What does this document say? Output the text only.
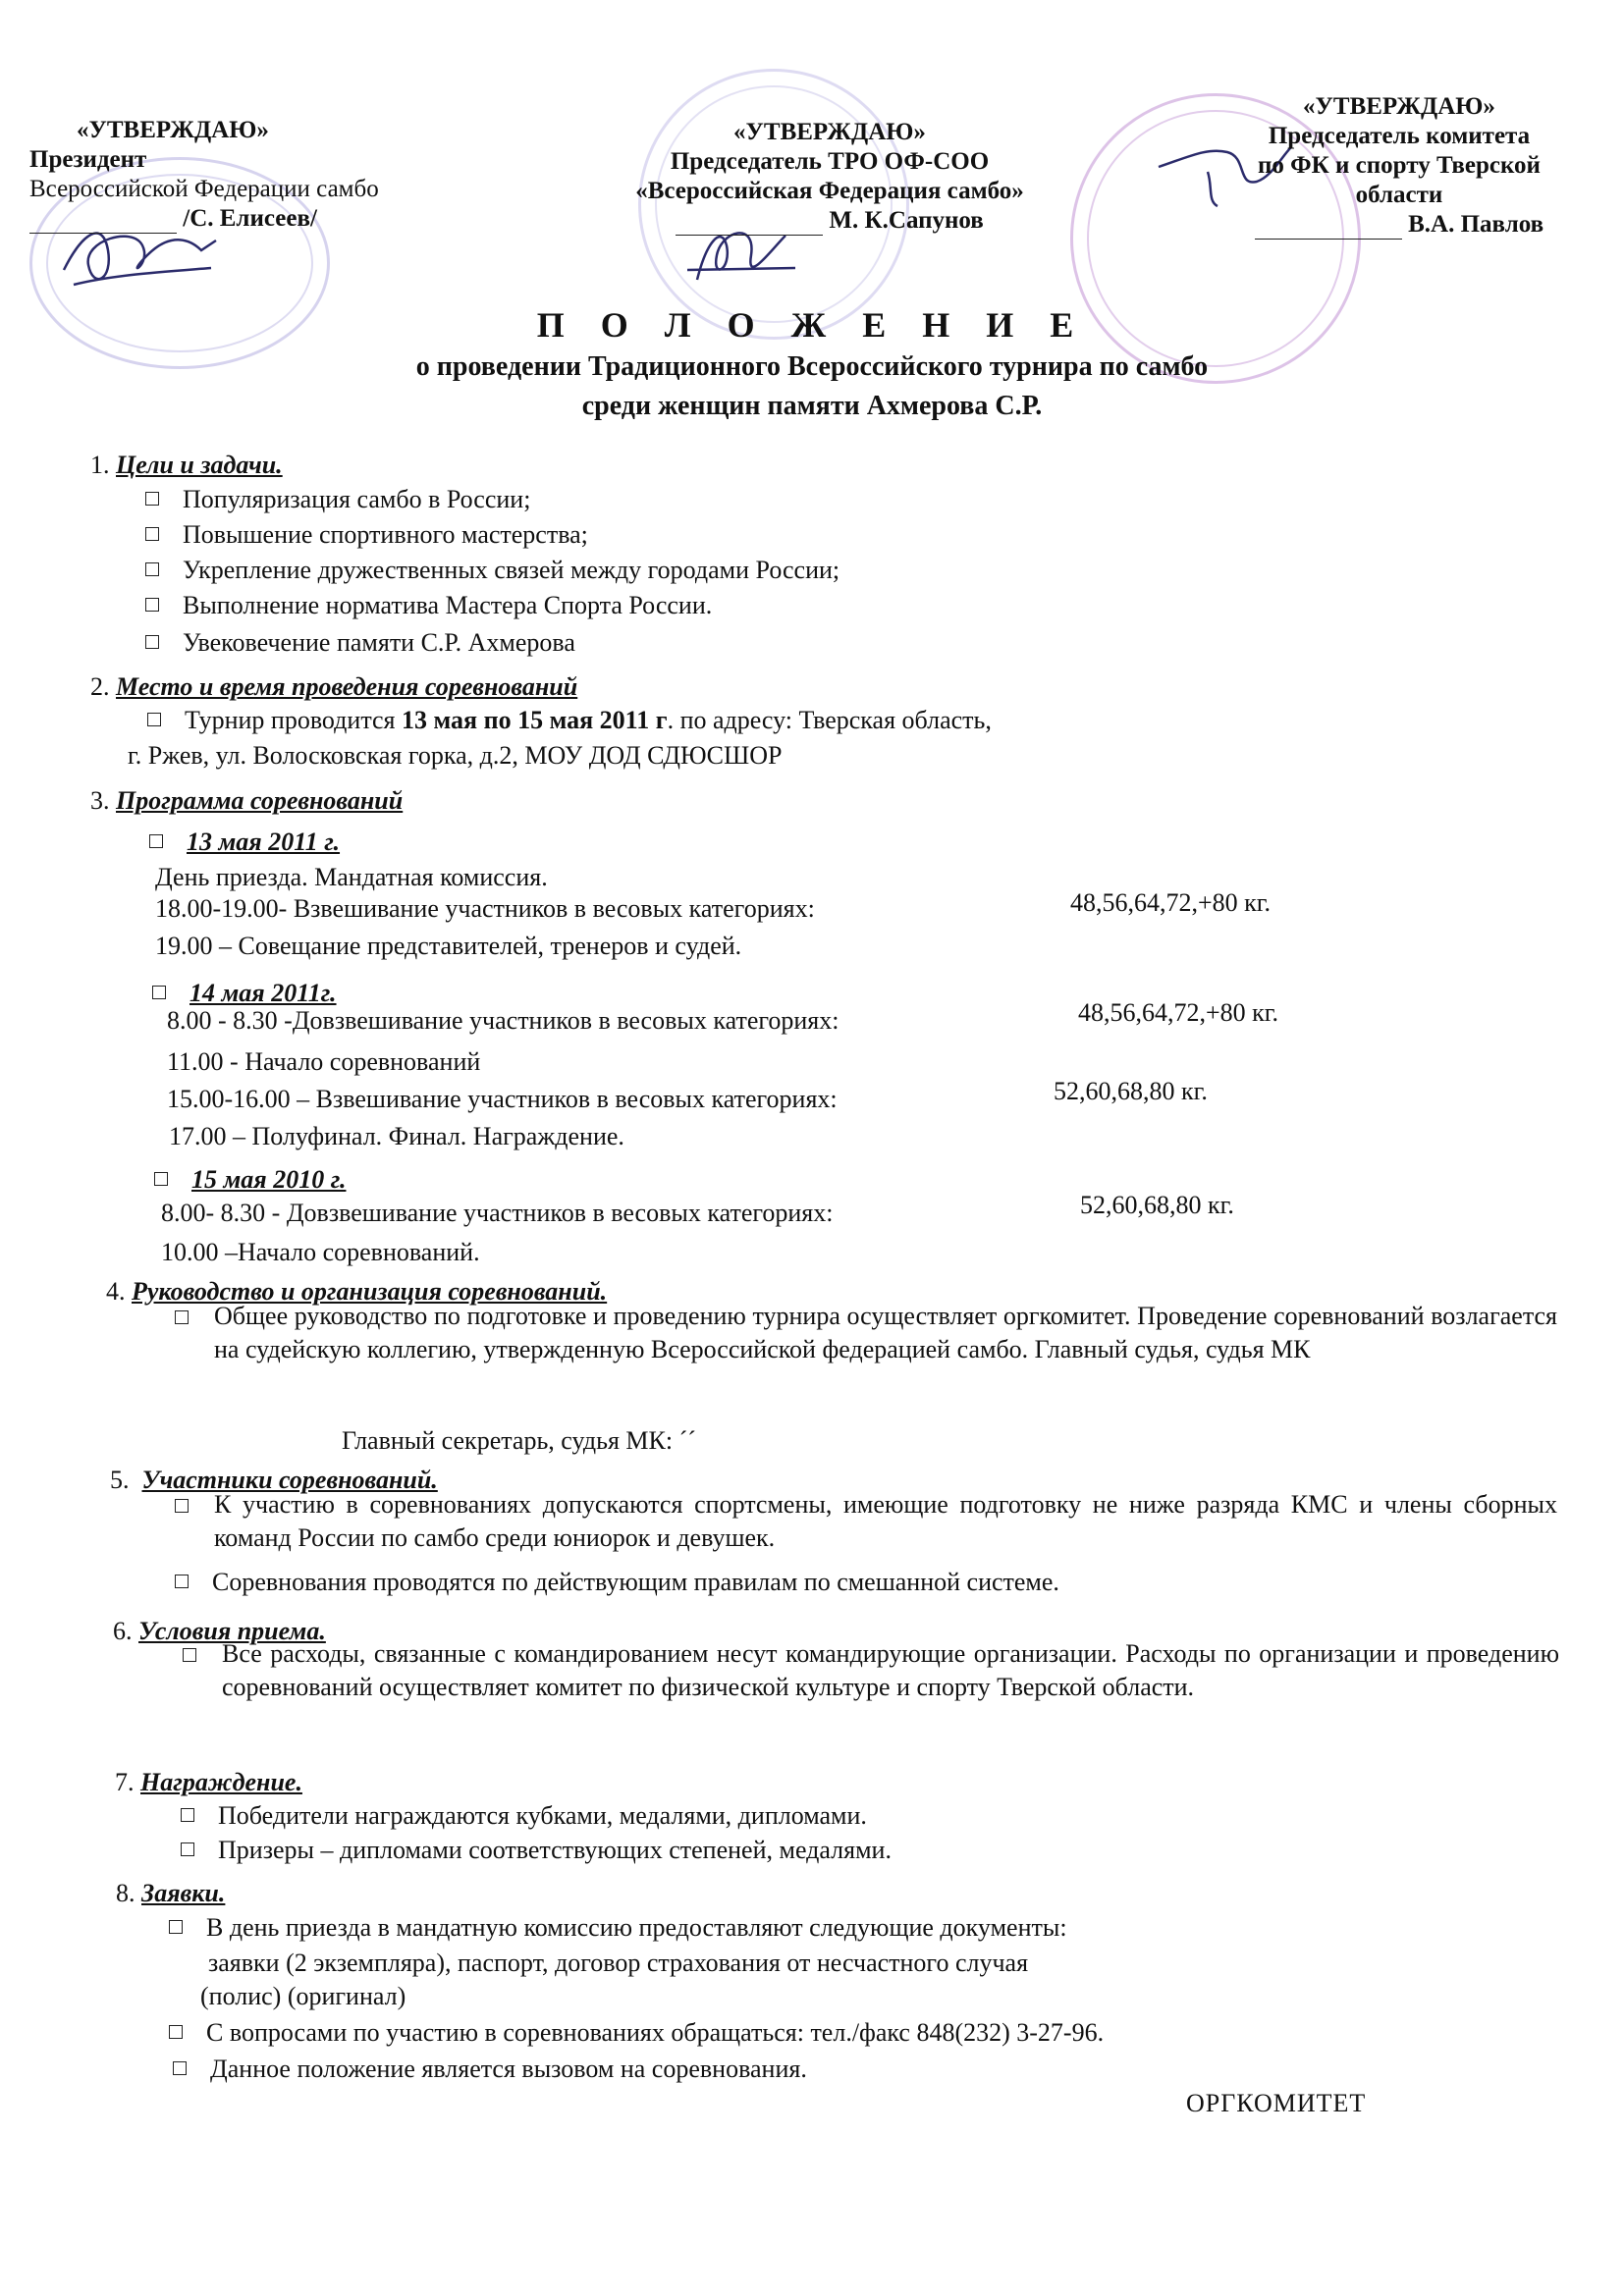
«УТВЕРЖДАЮ»
Президент
Всероссийской Федерации самбо
/С. Елисеев/
«УТВЕРЖДАЮ»
Председатель ТРО ОФ-СОО
«Всероссийская Федерация самбо»
М. К.Сапунов
«УТВЕРЖДАЮ»
Председатель комитета
по ФК и спорту Тверской
области
В.А. Павлов
П О Л О Ж Е Н И Е
о проведении Традиционного Всероссийского турнира по самбо
среди женщин памяти Ахмерова С.Р.
1. Цели и задачи.
Популяризация самбо в России;
Повышение спортивного мастерства;
Укрепление дружественных связей между городами России;
Выполнение норматива Мастера Спорта России.
Увековечение памяти С.Р. Ахмерова
2. Место и время проведения соревнований
Турнир проводится 13 мая по 15 мая 2011 г. по адресу: Тверская область,
г. Ржев, ул. Волосковская горка, д.2, МОУ ДОД СДЮСШОР
3. Программа соревнований
13 мая 2011 г.
День приезда. Мандатная комиссия.
18.00-19.00- Взвешивание участников в весовых категориях:	48,56,64,72,+80 кг.
19.00 – Совещание представителей, тренеров и судей.
14 мая 2011г.
8.00 - 8.30 -Довзвешивание участников в весовых категориях:	48,56,64,72,+80 кг.
11.00 - Начало соревнований
15.00-16.00 – Взвешивание участников в весовых категориях:	52,60,68,80 кг.
17.00 – Полуфинал. Финал. Награждение.
15 мая 2010 г.
8.00- 8.30 - Довзвешивание участников в весовых категориях:	52,60,68,80 кг.
10.00 –Начало соревнований.
4. Руководство и организация соревнований.
Общее руководство по подготовке и проведению турнира осуществляет оргкомитет. Проведение соревнований возлагается на судейскую коллегию, утвержденную Всероссийской федерацией самбо. Главный судья, судья МК
Главный секретарь, судья МК: ´´
5. Участники соревнований.
К участию в соревнованиях допускаются спортсмены, имеющие подготовку не ниже разряда КМС и члены сборных команд России по самбо среди юниорок и девушек.
Соревнования проводятся по действующим правилам по смешанной системе.
6. Условия приема.
Все расходы, связанные с командированием несут командирующие организации. Расходы по организации и проведению соревнований осуществляет комитет по физической культуре и спорту Тверской области.
7. Награждение.
Победители награждаются кубками, медалями, дипломами.
Призеры – дипломами соответствующих степеней, медалями.
8. Заявки.
В день приезда в мандатную комиссию предоставляют следующие документы:
заявки (2 экземпляра), паспорт, договор страхования от несчастного случая
(полис) (оригинал)
С вопросами по участию в соревнованиях обращаться: тел./факс 848(232) 3-27-96.
Данное положение является вызовом на соревнования.
ОРГКОМИТЕТ
